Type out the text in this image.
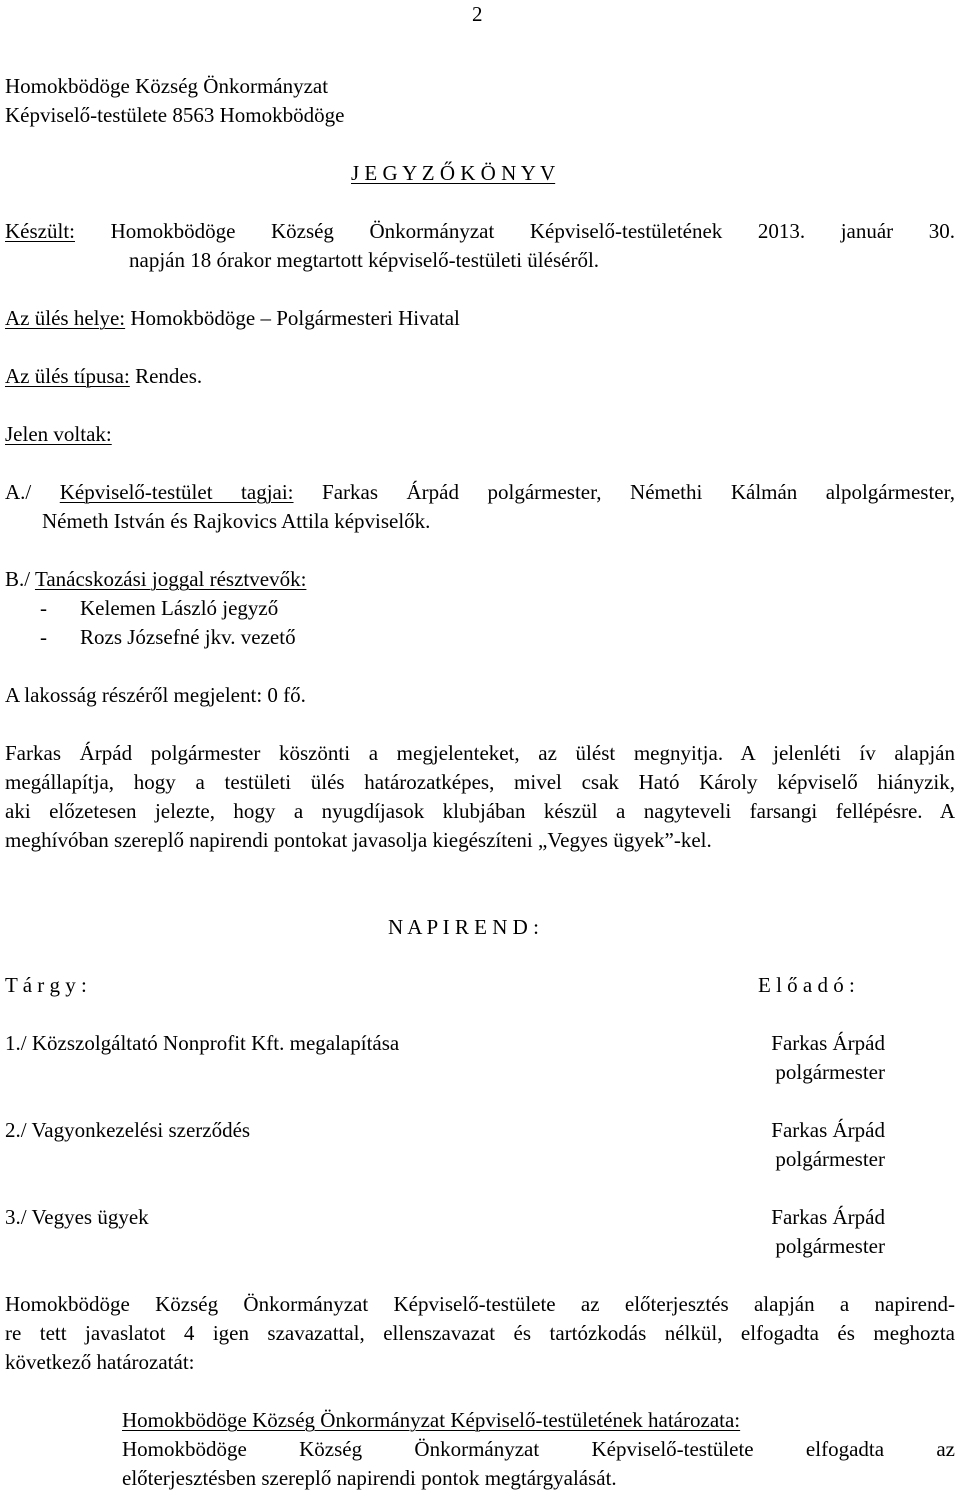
2
Homokbödöge Község Önkormányzat
Képviselő-testülete 8563 Homokbödöge
J E G Y Z Ő K Ö N Y V
Készült: Homokbödöge Község Önkormányzat Képviselő-testületének 2013. január 30.
napján 18 órakor megtartott képviselő-testületi üléséről.
Az ülés helye: Homokbödöge – Polgármesteri Hivatal
Az ülés típusa: Rendes.
Jelen voltak:
A./ Képviselő-testület tagjai: Farkas Árpád polgármester, Némethi Kálmán alpolgármester,
Németh István és Rajkovics Attila képviselők.
B./ Tanácskozási joggal résztvevők:
- Kelemen László jegyző
- Rozs Józsefné jkv. vezető
A lakosság részéről megjelent: 0 fő.
Farkas Árpád polgármester köszönti a megjelenteket, az ülést megnyitja. A jelenléti ív alapján
megállapítja, hogy a testületi ülés határozatképes, mivel csak Ható Károly képviselő hiányzik,
aki előzetesen jelezte, hogy a nyugdíjasok klubjában készül a nagyteveli farsangi fellépésre. A
meghívóban szereplő napirendi pontokat javasolja kiegészíteni „Vegyes ügyek”-kel.
N A P I R E N D :
T á r g y :	E l ő a d ó :
1./ Közszolgáltató Nonprofit Kft. megalapítása	Farkas Árpád
polgármester
2./ Vagyonkezelési szerződés	Farkas Árpád
polgármester
3./ Vegyes ügyek	Farkas Árpád
polgármester
Homokbödöge Község Önkormányzat Képviselő-testülete az előterjesztés alapján a napirend-
re tett javaslatot 4 igen szavazattal, ellenszavazat és tartózkodás nélkül, elfogadta és meghozta
következő határozatát:
Homokbödöge Község Önkormányzat Képviselő-testületének határozata:
Homokbödöge Község Önkormányzat Képviselő-testülete elfogadta az
előterjesztésben szereplő napirendi pontok megtárgyalását.
